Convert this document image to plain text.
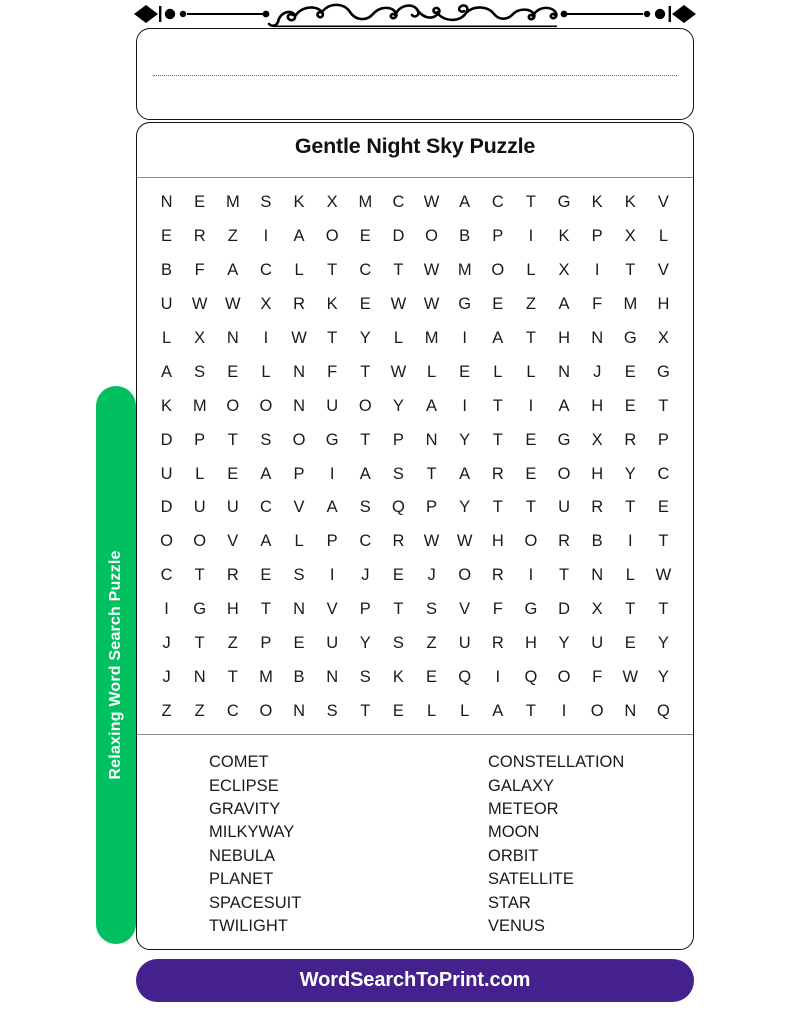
Gentle Night Sky Puzzle
N	E	M	S	K	X	M	C	W	A	C	T	G	K	K	V
E	R	Z	I	A	O	E	D	O	B	P	I	K	P	X	L
B	F	A	C	L	T	C	T	W	M	O	L	X	I	T	V
U	W	W	X	R	K	E	W	W	G	E	Z	A	F	M	H
L	X	N	I	W	T	Y	L	M	I	A	T	H	N	G	X
A	S	E	L	N	F	T	W	L	E	L	L	N	J	E	G
K	M	O	O	N	U	O	Y	A	I	T	I	A	H	E	T
D	P	T	S	O	G	T	P	N	Y	T	E	G	X	R	P
U	L	E	A	P	I	A	S	T	A	R	E	O	H	Y	C
D	U	U	C	V	A	S	Q	P	Y	T	T	U	R	T	E
O	O	V	A	L	P	C	R	W	W	H	O	R	B	I	T
C	T	R	E	S	I	J	E	J	O	R	I	T	N	L	W
I	G	H	T	N	V	P	T	S	V	F	G	D	X	T	T
J	T	Z	P	E	U	Y	S	Z	U	R	H	Y	U	E	Y
J	N	T	M	B	N	S	K	E	Q	I	Q	O	F	W	Y
Z	Z	C	O	N	S	T	E	L	L	A	T	I	O	N	Q
COMET
ECLIPSE
GRAVITY
MILKYWAY
NEBULA
PLANET
SPACESUIT
TWILIGHT
CONSTELLATION
GALAXY
METEOR
MOON
ORBIT
SATELLITE
STAR
VENUS
Relaxing Word Search Puzzle
WordSearchToPrint.com
